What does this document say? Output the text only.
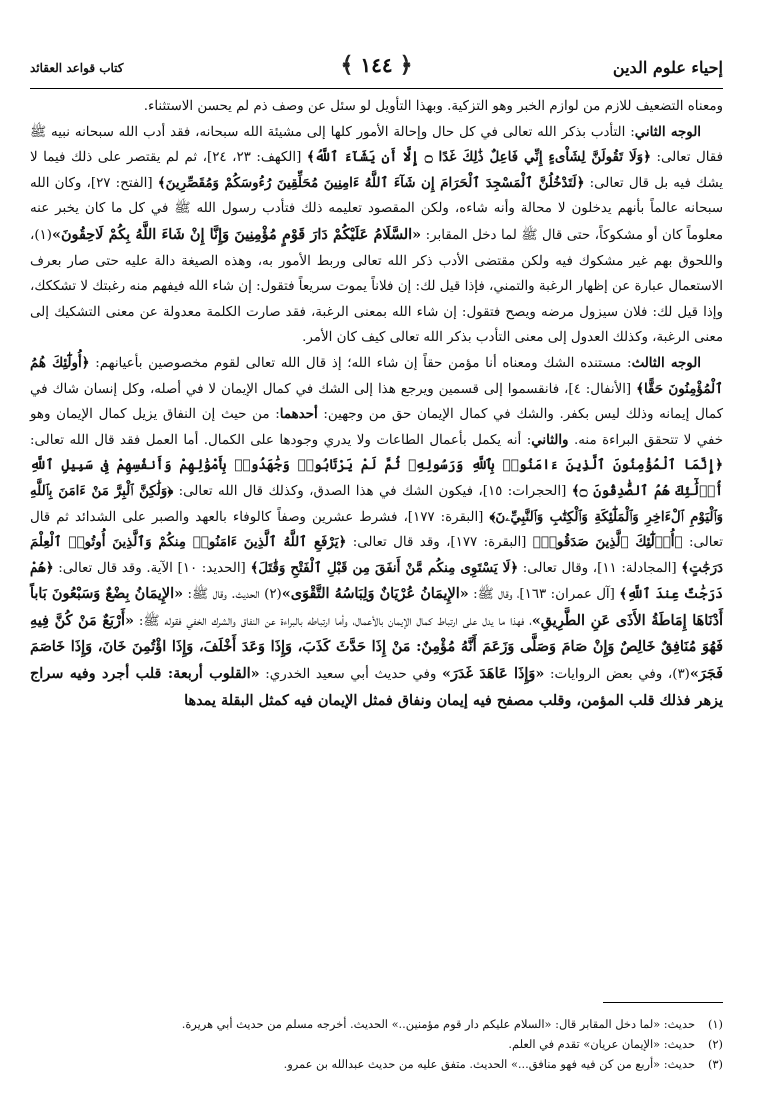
إحياء علوم الدين
﴿ ١٤٤ ﴾
كتاب قواعد العقائد

ومعناه التضعيف للازم من لوازم الخبر وهو التزكية. وبهذا التأويل لو سئل عن وصف ذم لم يحسن الاستثناء.

الوجه الثاني: التأدب بذكر الله تعالى في كل حال وإحالة الأمور كلها إلى مشيئة الله سبحانه، فقد أدب الله سبحانه نبيه ﷺ فقال تعالى: ﴿وَلَا تَقُولَنَّ لِشَاْىءٍ إِنِّي فَاعِلٌ ذَٰلِكَ غَدًا ۝ إِلَّا أَن يَشَآءَ ٱللَّهُ﴾ [الكهف: ٢٣، ٢٤]، ثم لم يقتصر على ذلك فيما لا يشك فيه بل قال تعالى: ﴿لَتَدْخُلُنَّ ٱلْمَسْجِدَ ٱلْحَرَامَ إِن شَآءَ ٱللَّهُ ءَامِنِينَ مُحَلِّقِينَ رُءُوسَكُمْ وَمُقَصِّرِينَ﴾ [الفتح: ٢٧]، وكان الله سبحانه عالماً بأنهم يدخلون لا محالة وأنه شاءه، ولكن المقصود تعليمه ذلك فتأدب رسول الله ﷺ في كل ما كان يخبر عنه معلوماً كان أو مشكوكاً، حتى قال ﷺ لما دخل المقابر: «السَّلَامُ عَلَيْكُمْ دَارَ قَوْمٍ مُؤْمِنِينَ وَإِنَّا إِنْ شَاءَ اللَّهُ بِكُمْ لَاحِقُونَ»(١)، واللحوق بهم غير مشكوك فيه ولكن مقتضى الأدب ذكر الله تعالى وربط الأمور به، وهذه الصيغة دالة عليه حتى صار بعرف الاستعمال عبارة عن إظهار الرغبة والتمني، فإذا قيل لك: إن فلاناً يموت سريعاً فتقول: إن شاء الله فيفهم منه رغبتك لا تشككك، وإذا قيل لك: فلان سيزول مرضه ويصح فتقول: إن شاء الله بمعنى الرغبة، فقد صارت الكلمة معدولة عن معنى التشكيك إلى معنى الرغبة، وكذلك العدول إلى معنى التأدب بذكر الله تعالى كيف كان الأمر.

الوجه الثالث: مستنده الشك ومعناه أنا مؤمن حقاً إن شاء الله؛ إذ قال الله تعالى لقوم مخصوصين بأعيانهم: ﴿أُولَٰٓئِكَ هُمُ ٱلْمُؤْمِنُونَ حَقًّا﴾ [الأنفال: ٤]، فانقسموا إلى قسمين ويرجع هذا إلى الشك في كمال الإيمان لا في أصله، وكل إنسان شاك في كمال إيمانه وذلك ليس بكفر. والشك في كمال الإيمان حق من وجهين: أحدهما: من حيث إن النفاق يزيل كمال الإيمان وهو خفي لا تتحقق البراءة منه. والثاني: أنه يكمل بأعمال الطاعات ولا يدري وجودها على الكمال. أما العمل فقد قال الله تعالى: ﴿إِنَّمَا ٱلْمُؤْمِنُونَ ٱلَّذِينَ ءَامَنُوا۟ بِٱللَّهِ وَرَسُولِهِۦ ثُمَّ لَمْ يَرْتَابُوا۟ وَجَٰهَدُوا۟ بِأَمْوَٰلِهِمْ وَأَنفُسِهِمْ فِى سَبِيلِ ٱللَّهِ أُو۟لَٰٓئِكَ هُمُ ٱلصَّٰدِقُونَ ۝﴾ [الحجرات: ١٥]، فيكون الشك في هذا الصدق، وكذلك قال الله تعالى: ﴿وَلَٰكِنَّ ٱلْبِرَّ مَنْ ءَامَنَ بِٱللَّهِ وَٱلْيَوْمِ ٱلْءَاخِرِ وَٱلْمَلَٰٓئِكَةِ وَٱلْكِتَٰبِ وَٱلنَّبِيِّۦنَ﴾ [البقرة: ١٧٧]، فشرط عشرين وصفاً كالوفاء بالعهد والصبر على الشدائد ثم قال تعالى: ﴿أُو۟لَٰٓئِكَ ٱلَّذِينَ صَدَقُوا۟﴾ [البقرة: ١٧٧]، وقد قال تعالى: ﴿يَرْفَعِ ٱللَّهُ ٱلَّذِينَ ءَامَنُوا۟ مِنكُمْ وَٱلَّذِينَ أُوتُوا۟ ٱلْعِلْمَ دَرَجَٰتٍ﴾ [المجادلة: ١١]، وقال تعالى: ﴿لَا يَسْتَوِى مِنكُم مَّنْ أَنفَقَ مِن قَبْلِ ٱلْفَتْحِ وَقَٰتَلَ﴾ [الحديد: ١٠] الآية. وقد قال تعالى: ﴿هُمْ دَرَجَٰتٌ عِندَ ٱللَّهِ﴾ [آل عمران: ١٦٣]، وقال ﷺ: «الإِيمَانُ عُرْيَانٌ وَلِبَاسُهُ التَّقْوَى»(٢) الحديث. وقال ﷺ: «الإِيمَانُ بِضْعٌ وَسَبْعُونَ بَاباً أَدْنَاهَا إِمَاطَةُ الأَذَى عَنِ الطَّرِيقِ»، فهذا ما يدل على ارتباط كمال الإيمان بالأعمال، وأما ارتباطه بالبراءة عن النفاق والشرك الخفي فقوله ﷺ: «أَرْبَعٌ مَنْ كُنَّ فِيهِ فَهُوَ مُنَافِقٌ خَالِصٌ وَإِنْ صَامَ وَصَلَّى وَزَعَمَ أَنَّهُ مُؤْمِنٌ: مَنْ إِذَا حَدَّثَ كَذَبَ، وَإِذَا وَعَدَ أَخْلَفَ، وَإِذَا اؤْتُمِنَ خَانَ، وَإِذَا خَاصَمَ فَجَرَ»(٣)، وفي بعض الروايات: «وَإِذَا عَاهَدَ غَدَرَ» وفي حديث أبي سعيد الخدري: «القلوب أربعة: قلب أجرد وفيه سراج يزهر فذلك قلب المؤمن، وقلب مصفح فيه إيمان ونفاق فمثل الإيمان فيه كمثل البقلة يمدها

(١)
حديث: «لما دخل المقابر قال: «السلام عليكم دار قوم مؤمنين..» الحديث. أخرجه مسلم من حديث أبي هريرة.
(٢)
حديث: «الإيمان عريان» تقدم في العلم.
(٣)
حديث: «أربع من كن فيه فهو منافق...» الحديث. متفق عليه من حديث عبدالله بن عمرو.
